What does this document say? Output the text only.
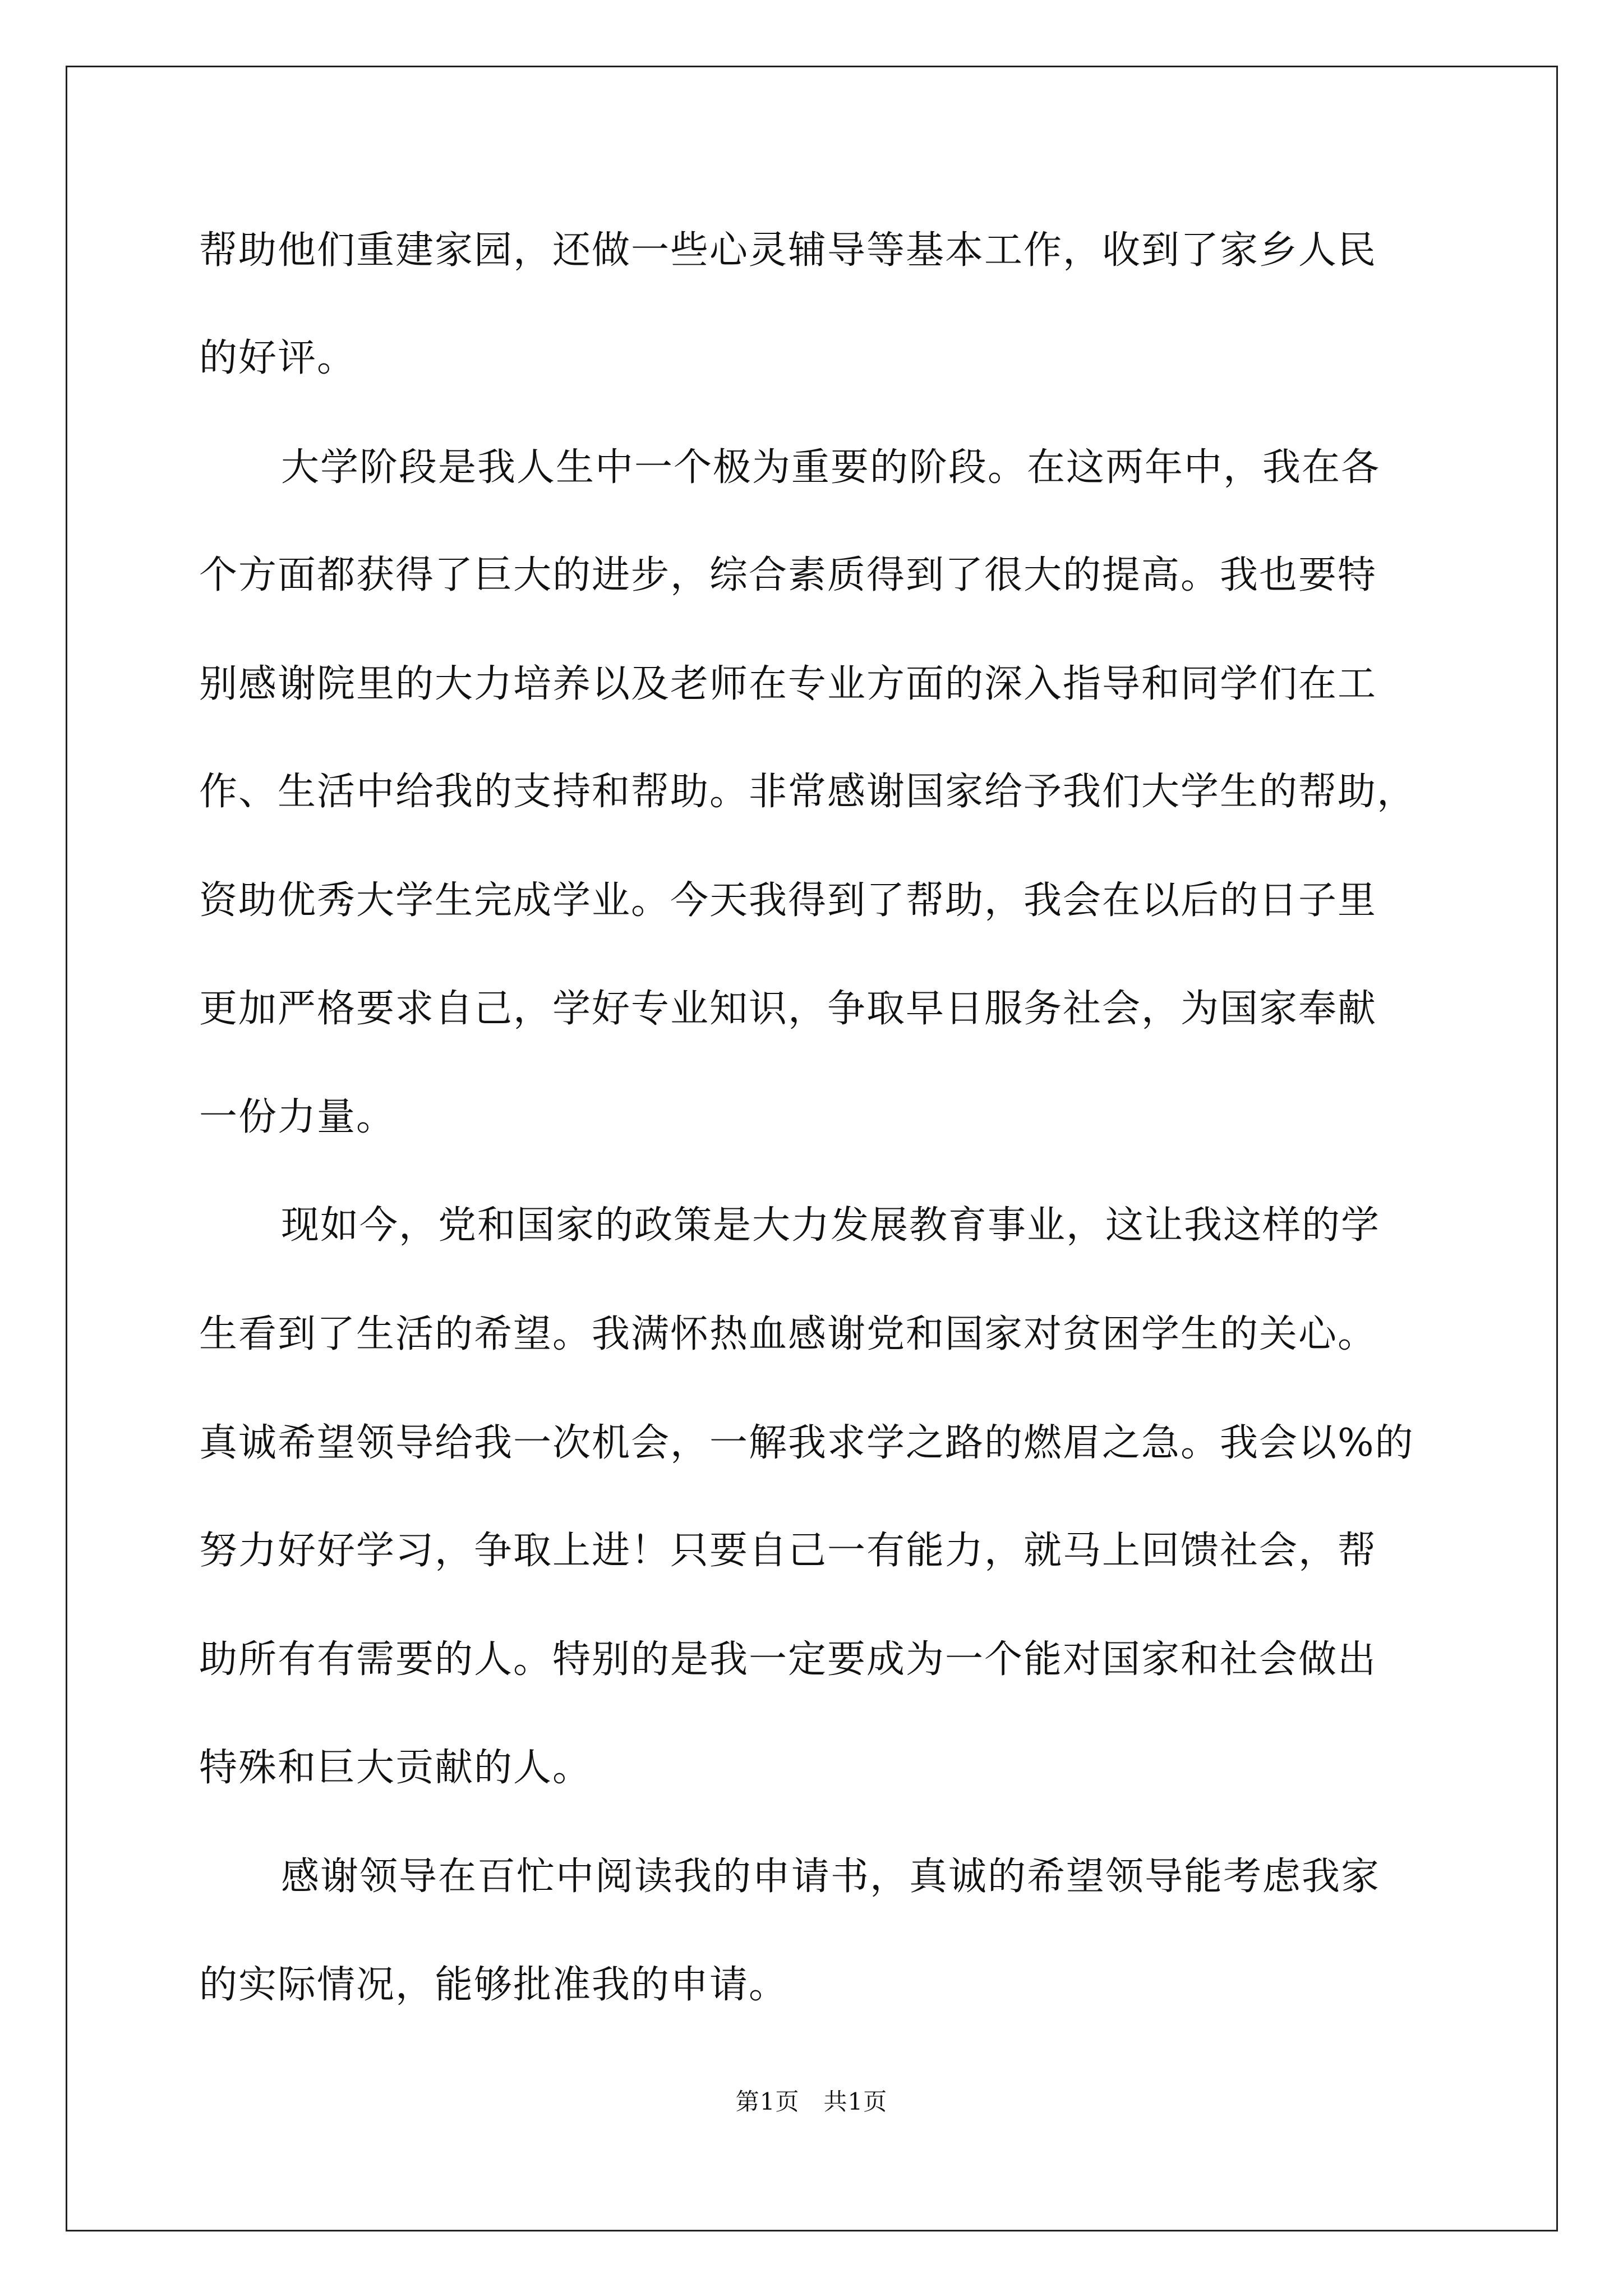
帮助他们重建家园，还做一些心灵辅导等基本工作，收到了家乡人民
的好评。
大学阶段是我人生中一个极为重要的阶段。在这两年中，我在各
个方面都获得了巨大的进步，综合素质得到了很大的提高。我也要特
别感谢院里的大力培养以及老师在专业方面的深入指导和同学们在工
作、生活中给我的支持和帮助。非常感谢国家给予我们大学生的帮助，
资助优秀大学生完成学业。今天我得到了帮助，我会在以后的日子里
更加严格要求自己，学好专业知识，争取早日服务社会，为国家奉献
一份力量。
现如今，党和国家的政策是大力发展教育事业，这让我这样的学
生看到了生活的希望。我满怀热血感谢党和国家对贫困学生的关心。
真诚希望领导给我一次机会，一解我求学之路的燃眉之急。我会以%的
努力好好学习，争取上进！只要自己一有能力，就马上回馈社会，帮
助所有有需要的人。特别的是我一定要成为一个能对国家和社会做出
特殊和巨大贡献的人。
感谢领导在百忙中阅读我的申请书，真诚的希望领导能考虑我家
的实际情况，能够批准我的申请。
第1页   共1页
